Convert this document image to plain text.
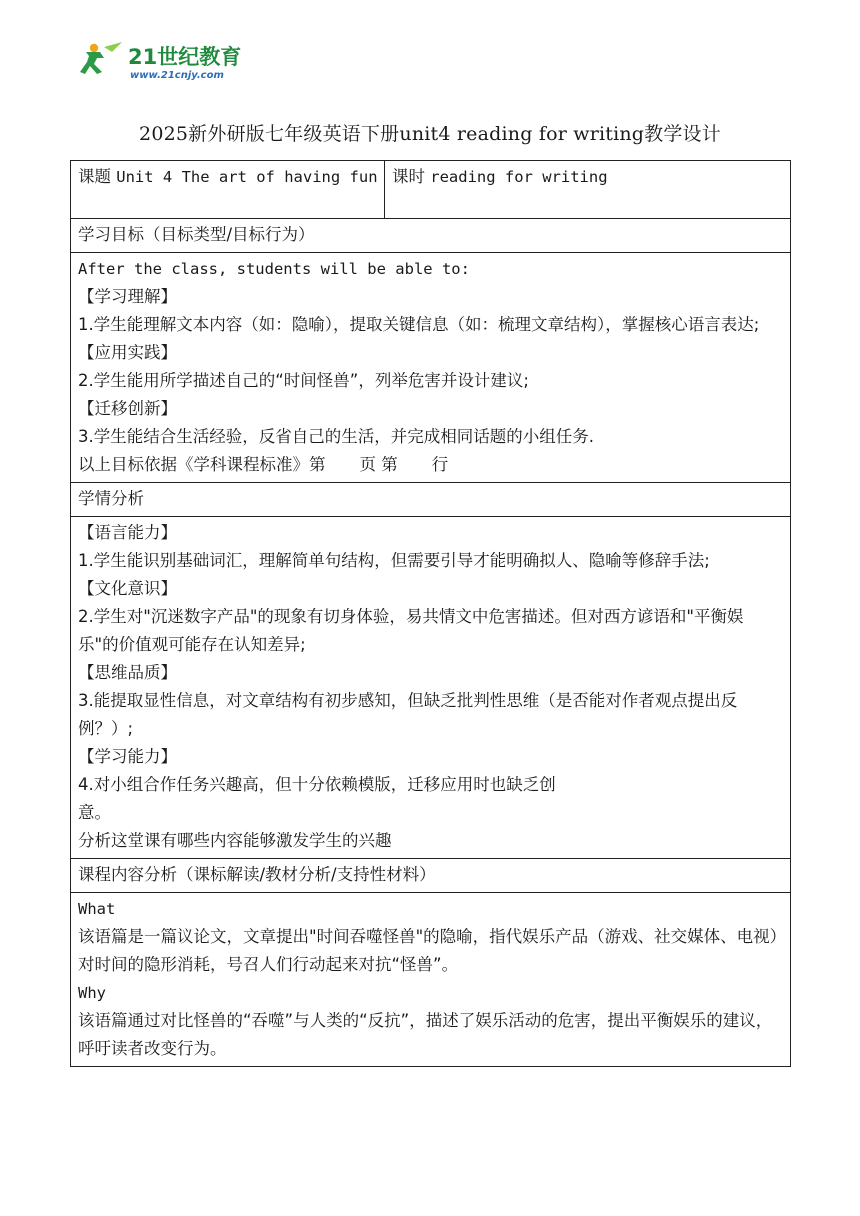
21世纪教育
www.21cnjy.com
2025新外研版七年级英语下册unit4 reading for writing教学设计
课题 Unit 4 The art of having fun	课时 reading for writing
学习目标（目标类型/目标行为）

After the class, students will be able to:
【学习理解】
1.学生能理解文本内容（如：隐喻），提取关键信息（如：梳理文章结构），掌握核心语言表达;
【应用实践】
2.学生能用所学描述自己的“时间怪兽”，列举危害并设计建议;
【迁移创新】
3.学生能结合生活经验，反省自己的生活，并完成相同话题的小组任务.
以上目标依据《学科课程标准》第 页 第 行

学情分析

【语言能力】
1.学生能识别基础词汇，理解简单句结构，但需要引导才能明确拟人、隐喻等修辞手法;
【文化意识】
2.学生对"沉迷数字产品"的现象有切身体验，易共情文中危害描述。但对西方谚语和"平衡娱乐"的价值观可能存在认知差异;
【思维品质】
3.能提取显性信息，对文章结构有初步感知，但缺乏批判性思维（是否能对作者观点提出反例？）;
【学习能力】
4.对小组合作任务兴趣高，但十分依赖模版，迁移应用时也缺乏创
意。
分析这堂课有哪些内容能够激发学生的兴趣

课程内容分析（课标解读/教材分析/支持性材料）

What
该语篇是一篇议论文，文章提出"时间吞噬怪兽"的隐喻，指代娱乐产品（游戏、社交媒体、电视）对时间的隐形消耗，号召人们行动起来对抗“怪兽”。
Why
该语篇通过对比怪兽的“吞噬”与人类的“反抗”，描述了娱乐活动的危害，提出平衡娱乐的建议，呼吁读者改变行为。
